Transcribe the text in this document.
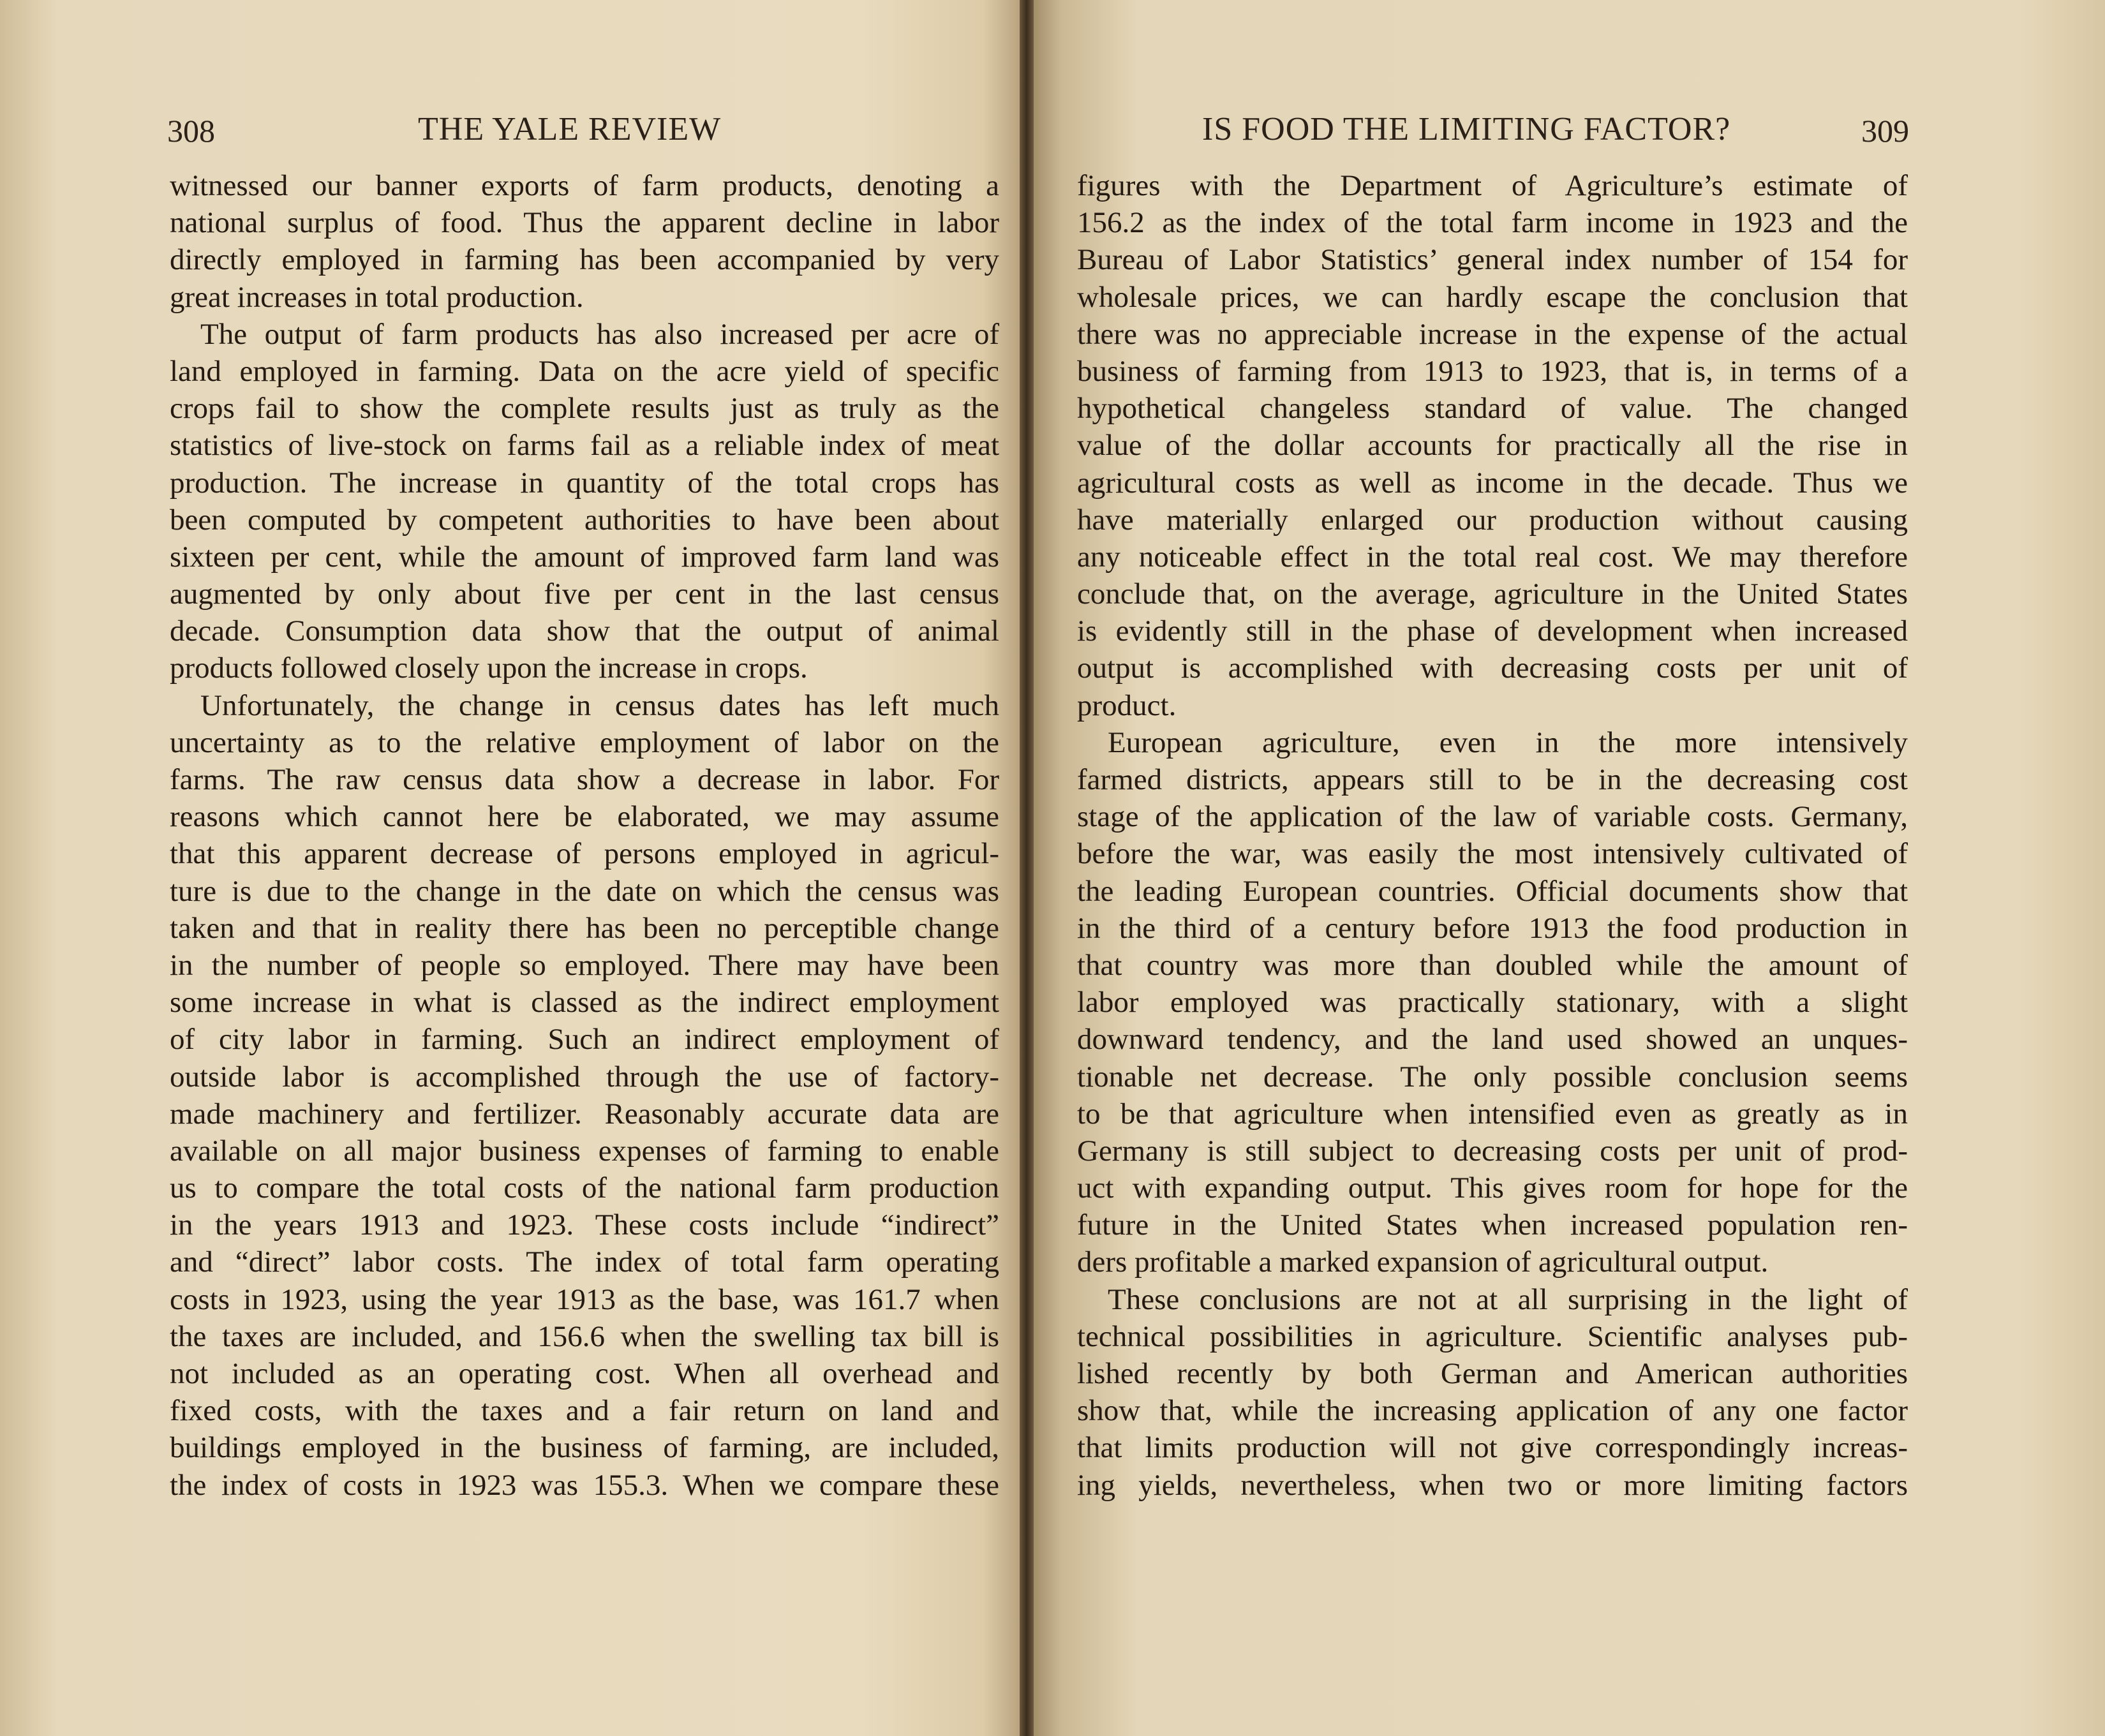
308	THE YALE REVIEW
witnessed our banner exports of farm products, denoting a
national surplus of food. Thus the apparent decline in labor
directly employed in farming has been accompanied by very
great increases in total production.
The output of farm products has also increased per acre of
land employed in farming. Data on the acre yield of specific
crops fail to show the complete results just as truly as the
statistics of live-stock on farms fail as a reliable index of meat
production. The increase in quantity of the total crops has
been computed by competent authorities to have been about
sixteen per cent, while the amount of improved farm land was
augmented by only about five per cent in the last census
decade. Consumption data show that the output of animal
products followed closely upon the increase in crops.
Unfortunately, the change in census dates has left much
uncertainty as to the relative employment of labor on the
farms. The raw census data show a decrease in labor. For
reasons which cannot here be elaborated, we may assume
that this apparent decrease of persons employed in agricul-
ture is due to the change in the date on which the census was
taken and that in reality there has been no perceptible change
in the number of people so employed. There may have been
some increase in what is classed as the indirect employment
of city labor in farming. Such an indirect employment of
outside labor is accomplished through the use of factory-
made machinery and fertilizer. Reasonably accurate data are
available on all major business expenses of farming to enable
us to compare the total costs of the national farm production
in the years 1913 and 1923. These costs include “indirect”
and “direct” labor costs. The index of total farm operating
costs in 1923, using the year 1913 as the base, was 161.7 when
the taxes are included, and 156.6 when the swelling tax bill is
not included as an operating cost. When all overhead and
fixed costs, with the taxes and a fair return on land and
buildings employed in the business of farming, are included,
the index of costs in 1923 was 155.3. When we compare these
IS FOOD THE LIMITING FACTOR?	309
figures with the Department of Agriculture’s estimate of
156.2 as the index of the total farm income in 1923 and the
Bureau of Labor Statistics’ general index number of 154 for
wholesale prices, we can hardly escape the conclusion that
there was no appreciable increase in the expense of the actual
business of farming from 1913 to 1923, that is, in terms of a
hypothetical changeless standard of value. The changed
value of the dollar accounts for practically all the rise in
agricultural costs as well as income in the decade. Thus we
have materially enlarged our production without causing
any noticeable effect in the total real cost. We may therefore
conclude that, on the average, agriculture in the United States
is evidently still in the phase of development when increased
output is accomplished with decreasing costs per unit of
product.
European agriculture, even in the more intensively
farmed districts, appears still to be in the decreasing cost
stage of the application of the law of variable costs. Germany,
before the war, was easily the most intensively cultivated of
the leading European countries. Official documents show that
in the third of a century before 1913 the food production in
that country was more than doubled while the amount of
labor employed was practically stationary, with a slight
downward tendency, and the land used showed an unques-
tionable net decrease. The only possible conclusion seems
to be that agriculture when intensified even as greatly as in
Germany is still subject to decreasing costs per unit of prod-
uct with expanding output. This gives room for hope for the
future in the United States when increased population ren-
ders profitable a marked expansion of agricultural output.
These conclusions are not at all surprising in the light of
technical possibilities in agriculture. Scientific analyses pub-
lished recently by both German and American authorities
show that, while the increasing application of any one factor
that limits production will not give correspondingly increas-
ing yields, nevertheless, when two or more limiting factors
